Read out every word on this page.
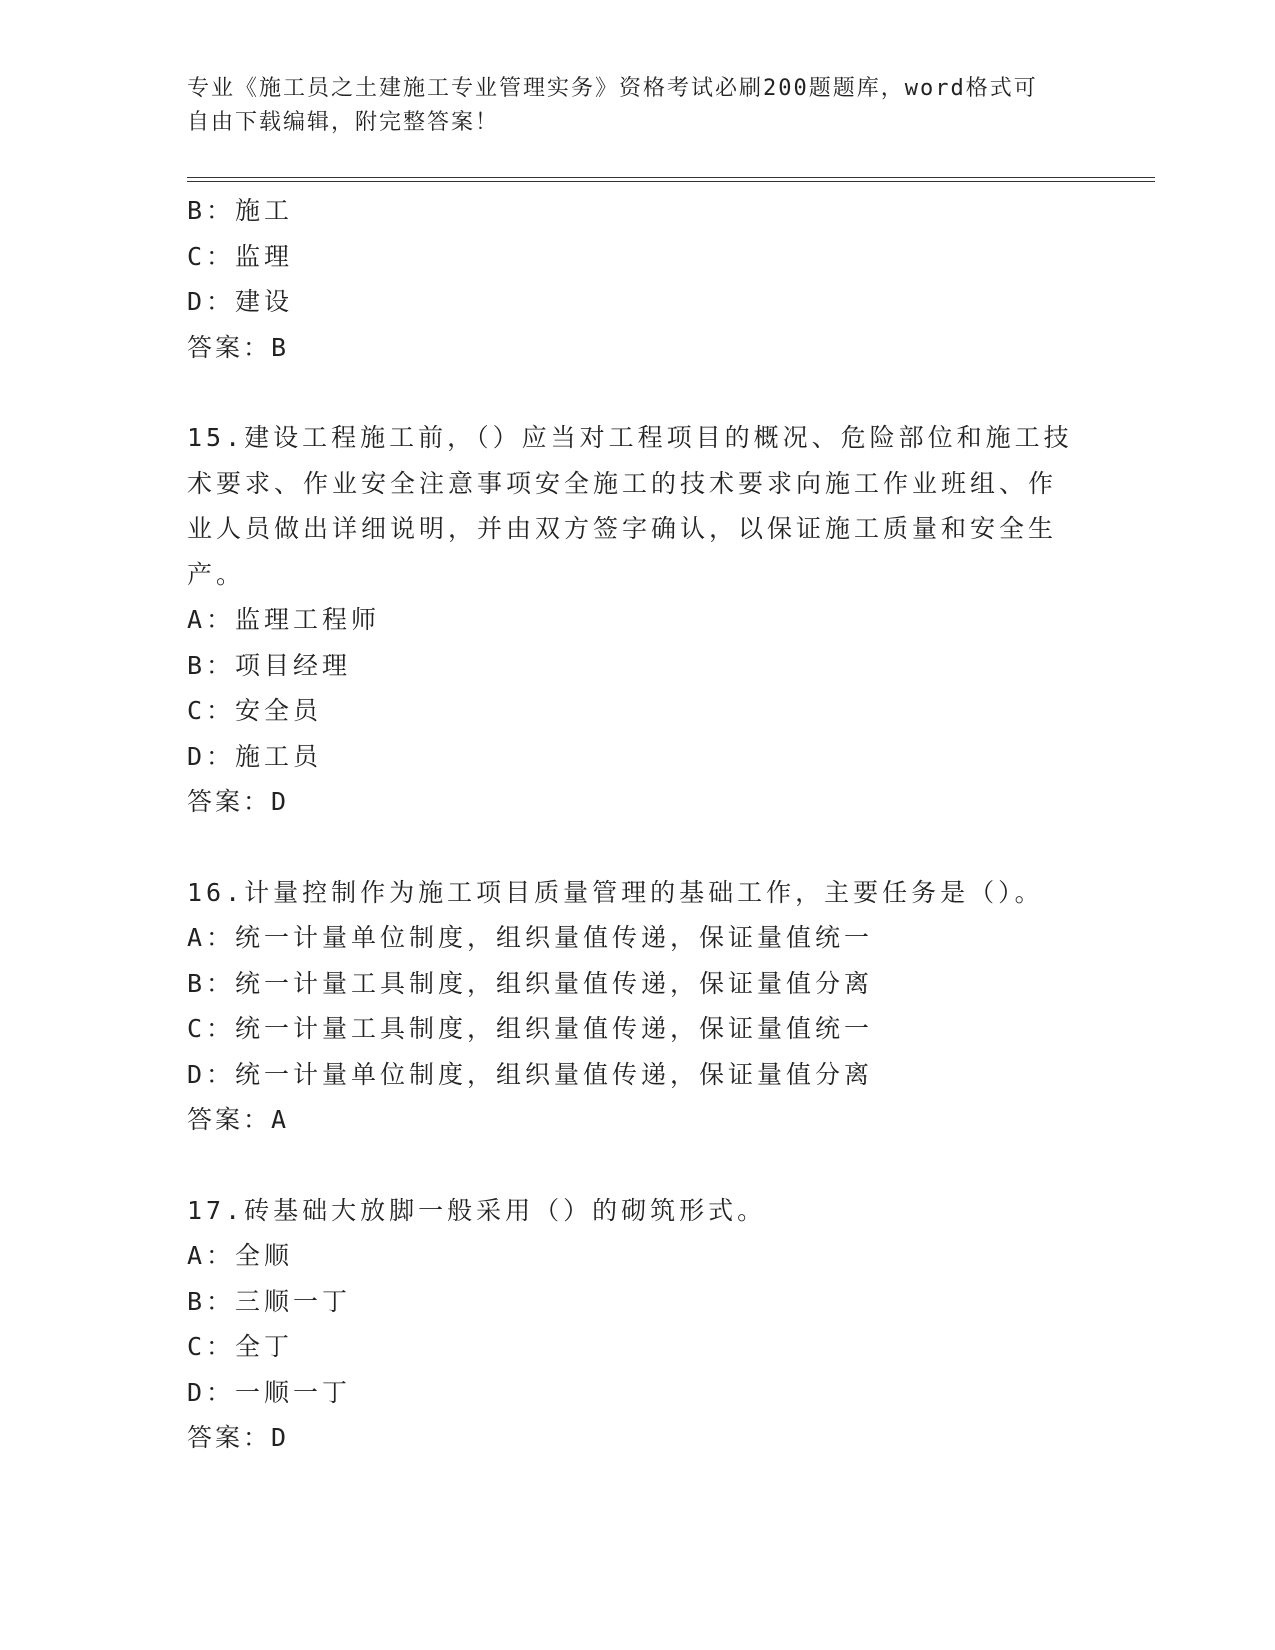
专业《施工员之土建施工专业管理实务》资格考试必刷200题题库，word格式可
自由下载编辑，附完整答案！
B：施工
C：监理
D：建设
答案：B
15.建设工程施工前，（）应当对工程项目的概况、危险部位和施工技术要求、作业安全注意事项安全施工的技术要求向施工作业班组、作业人员做出详细说明，并由双方签字确认，以保证施工质量和安全生产。
A：监理工程师
B：项目经理
C：安全员
D：施工员
答案：D
16.计量控制作为施工项目质量管理的基础工作，主要任务是（）。
A：统一计量单位制度，组织量值传递，保证量值统一
B：统一计量工具制度，组织量值传递，保证量值分离
C：统一计量工具制度，组织量值传递，保证量值统一
D：统一计量单位制度，组织量值传递，保证量值分离
答案：A
17.砖基础大放脚一般采用（）的砌筑形式。
A：全顺
B：三顺一丁
C：全丁
D：一顺一丁
答案：D
